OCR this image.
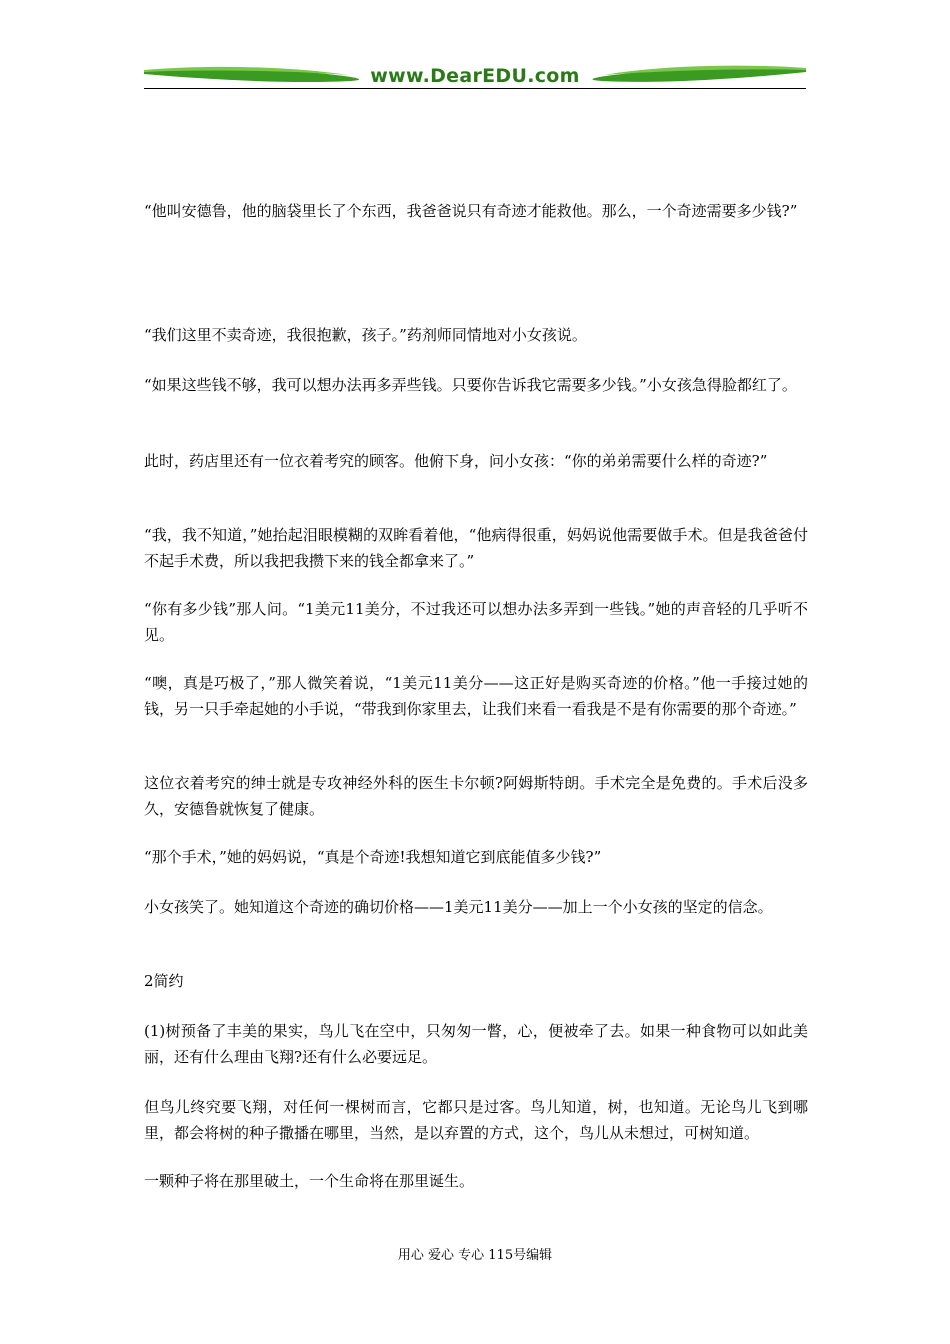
www.DearEDU.com

“他叫安德鲁，他的脑袋里长了个东西，我爸爸说只有奇迹才能救他。那么，一个奇迹需要多少钱?”

“我们这里不卖奇迹，我很抱歉，孩子。”药剂师同情地对小女孩说。

“如果这些钱不够，我可以想办法再多弄些钱。只要你告诉我它需要多少钱。”小女孩急得脸都红了。

此时，药店里还有一位衣着考究的顾客。他俯下身，问小女孩：“你的弟弟需要什么样的奇迹?”

“我，我不知道，”她抬起泪眼模糊的双眸看着他，“他病得很重，妈妈说他需要做手术。但是我爸爸付不起手术费，所以我把我攒下来的钱全都拿来了。”

“你有多少钱”那人问。“1美元11美分，不过我还可以想办法多弄到一些钱。”她的声音轻的几乎听不见。

“噢，真是巧极了，”那人微笑着说，“1美元11美分——这正好是购买奇迹的价格。”他一手接过她的钱，另一只手牵起她的小手说，“带我到你家里去，让我们来看一看我是不是有你需要的那个奇迹。”

这位衣着考究的绅士就是专攻神经外科的医生卡尔顿?阿姆斯特朗。手术完全是免费的。手术后没多久，安德鲁就恢复了健康。

“那个手术，”她的妈妈说，“真是个奇迹!我想知道它到底能值多少钱?”

小女孩笑了。她知道这个奇迹的确切价格——1美元11美分——加上一个小女孩的坚定的信念。

2简约

(1)树预备了丰美的果实，鸟儿飞在空中，只匆匆一瞥，心，便被牵了去。如果一种食物可以如此美丽，还有什么理由飞翔?还有什么必要远足。

但鸟儿终究要飞翔，对任何一棵树而言，它都只是过客。鸟儿知道，树，也知道。无论鸟儿飞到哪里，都会将树的种子撒播在哪里，当然，是以弃置的方式，这个，鸟儿从未想过，可树知道。

一颗种子将在那里破土，一个生命将在那里诞生。

用心 爱心 专心 115号编辑
